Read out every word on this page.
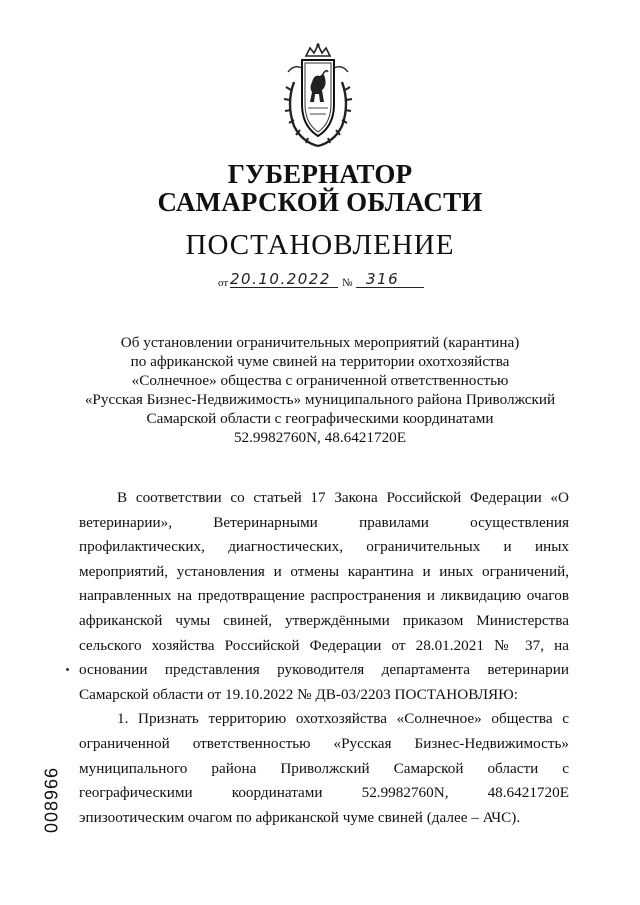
ГУБЕРНАТОР
САМАРСКОЙ ОБЛАСТИ
ПОСТАНОВЛЕНИЕ
от 20.10.2022 № 316
Об установлении ограничительных мероприятий (карантина)
по африканской чуме свиней на территории охотхозяйства
«Солнечное» общества с ограниченной ответственностью
«Русская Бизнес-Недвижимость» муниципального района Приволжский
Самарской области с географическими координатами
52.9982760N, 48.6421720E

В соответствии со статьей 17 Закона Российской Федерации «О ветеринарии», Ветеринарными правилами осуществления профилактических, диагностических, ограничительных и иных мероприятий, установления и отмены карантина и иных ограничений, направленных на предотвращение распространения и ликвидацию очагов африканской чумы свиней, утверждёнными приказом Министерства сельского хозяйства Российской Федерации от 28.01.2021 № 37, на основании представления руководителя департамента ветеринарии Самарской области от 19.10.2022 № ДВ-03/2203 ПОСТАНОВЛЯЮ:

1. Признать территорию охотхозяйства «Солнечное» общества с ограниченной ответственностью «Русская Бизнес-Недвижимость» муниципального района Приволжский Самарской области с географическими координатами 52.9982760N, 48.6421720E эпизоотическим очагом по африканской чуме свиней (далее – АЧС).

008966
